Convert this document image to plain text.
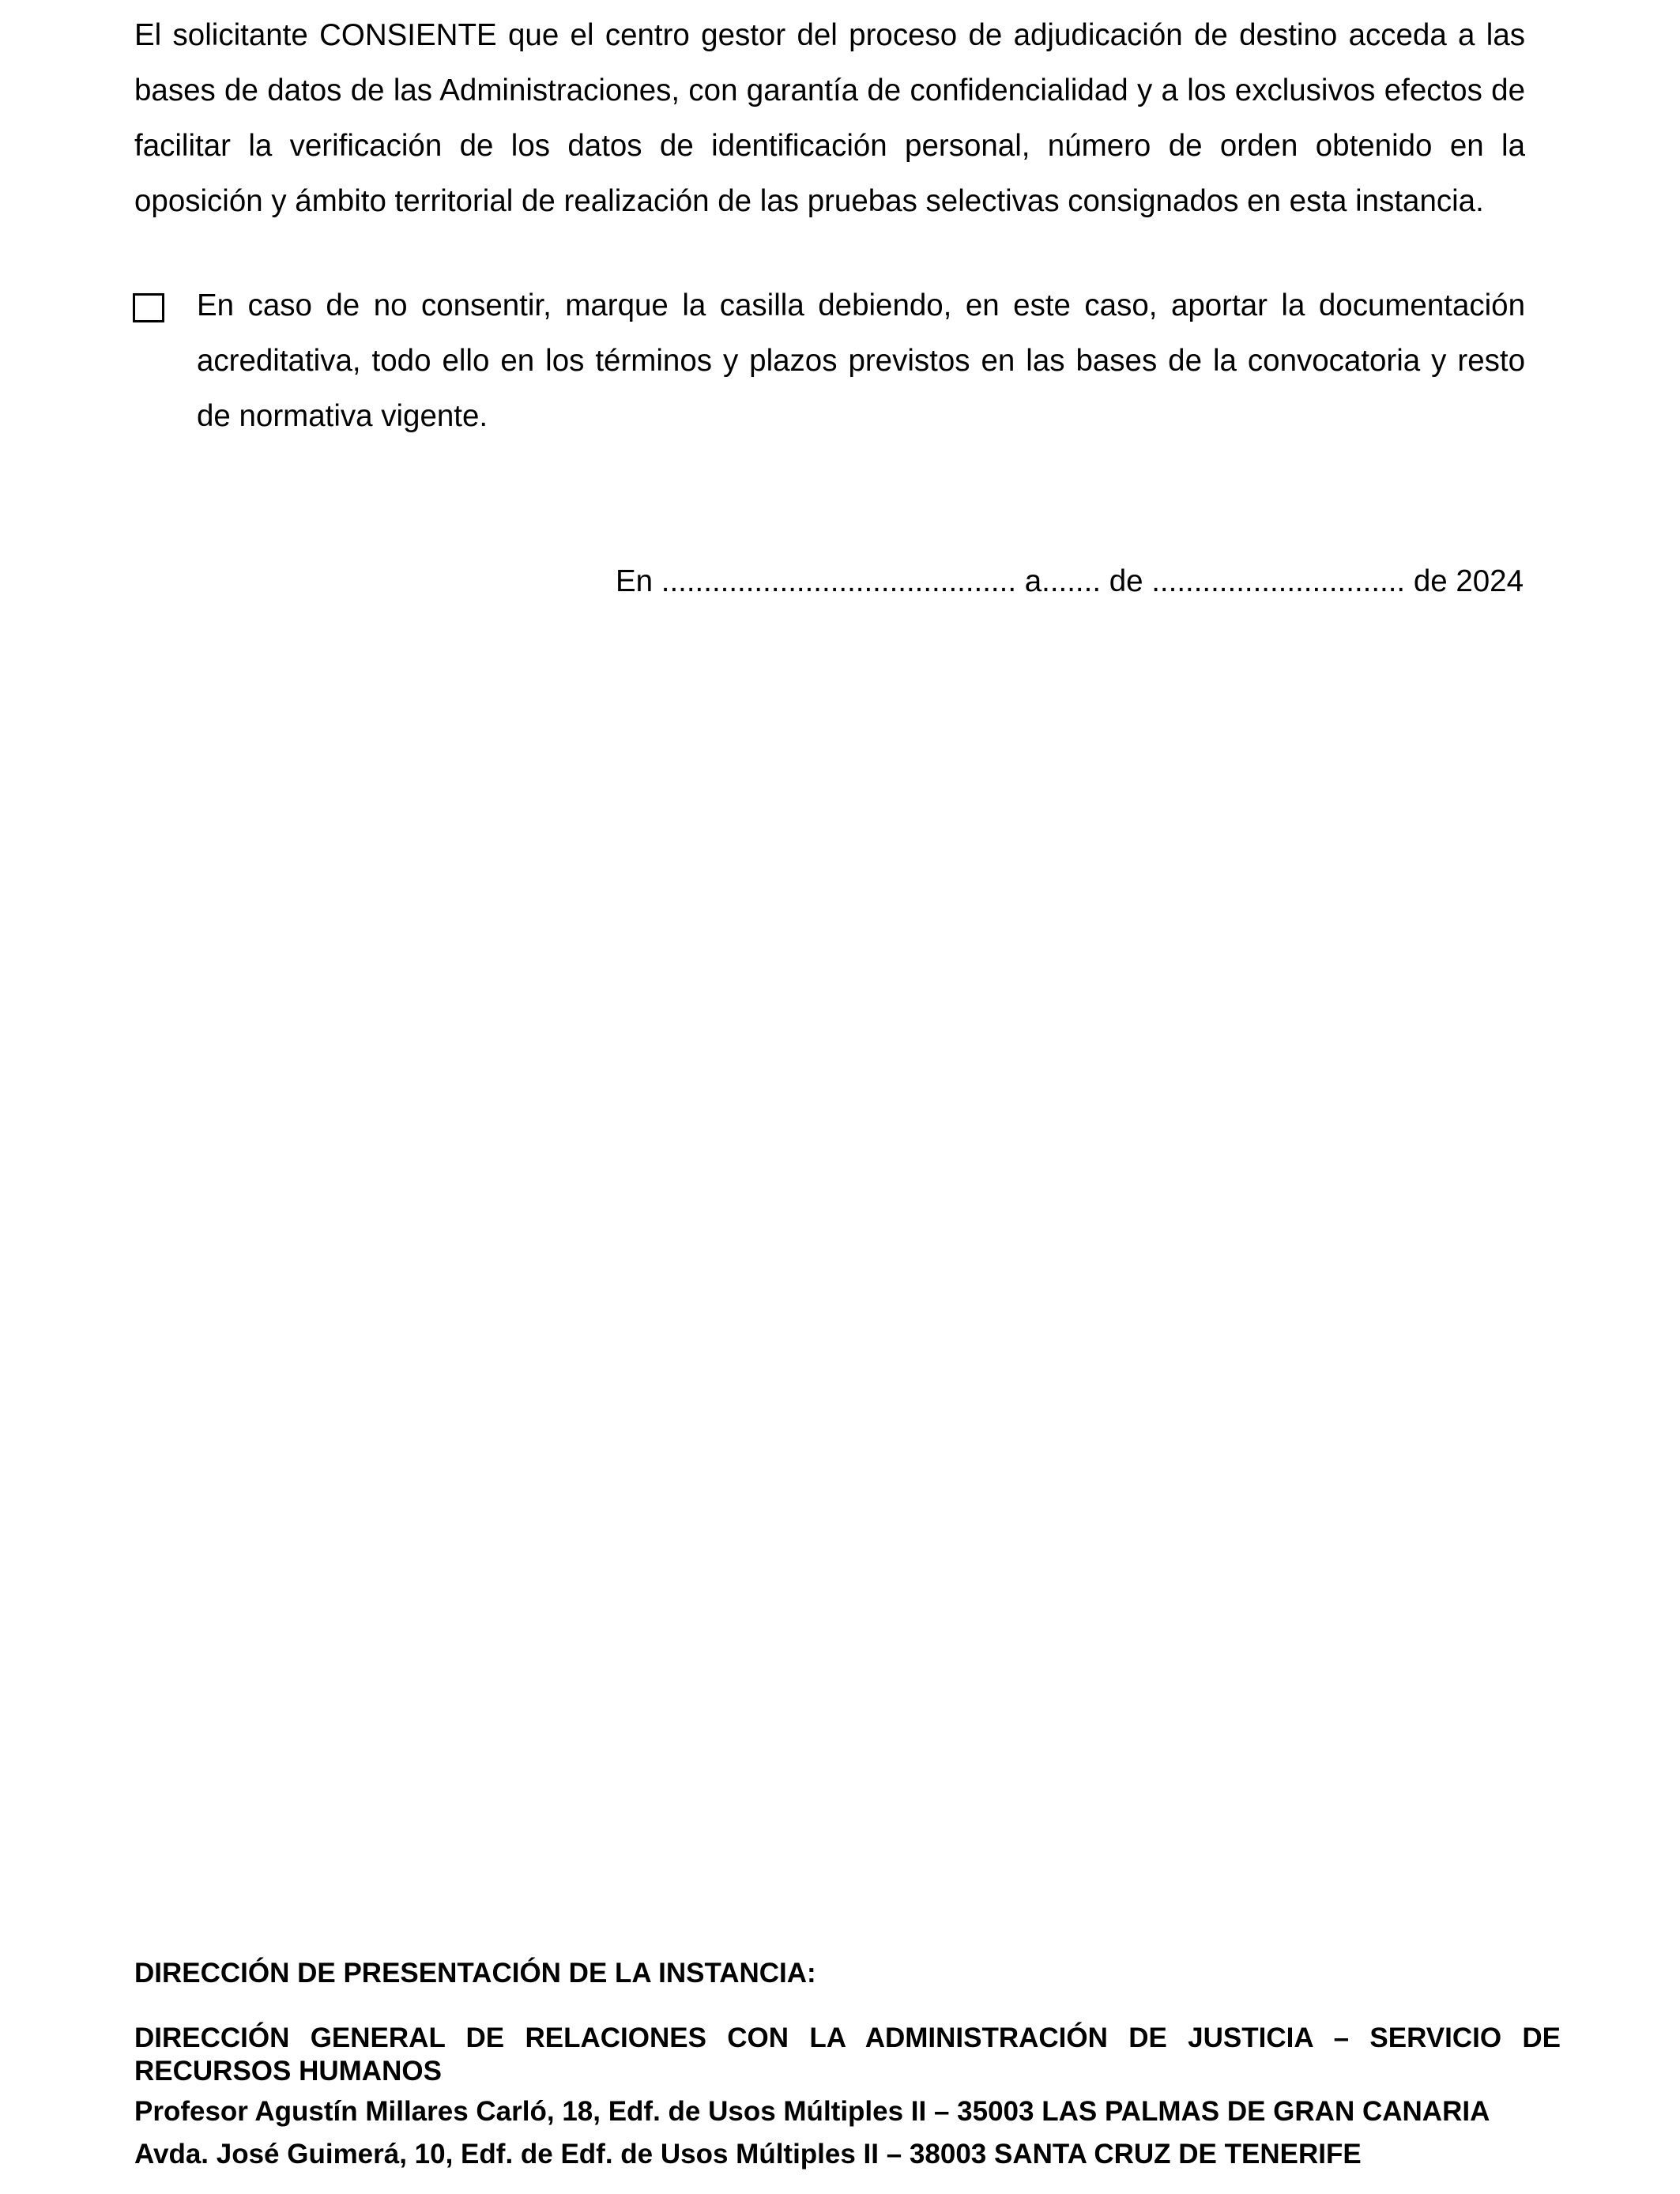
El solicitante CONSIENTE que el centro gestor del proceso de adjudicación de destino acceda a las bases de datos de las Administraciones, con garantía de confidencialidad y a los exclusivos efectos de facilitar la verificación de los datos de identificación personal, número de orden obtenido en la oposición y ámbito territorial de realización de las pruebas selectivas consignados en esta instancia.

En caso de no consentir, marque la casilla debiendo, en este caso, aportar la documentación acreditativa, todo ello en los términos y plazos previstos en las bases de la convocatoria y resto de normativa vigente.

En .......................................... a....... de .............................. de 2024

DIRECCIÓN DE PRESENTACIÓN DE LA INSTANCIA:

DIRECCIÓN GENERAL DE RELACIONES CON LA ADMINISTRACIÓN DE JUSTICIA – SERVICIO DE RECURSOS HUMANOS

Profesor Agustín Millares Carló, 18, Edf. de Usos Múltiples II – 35003 LAS PALMAS DE GRAN CANARIA

Avda. José Guimerá, 10, Edf. de Edf. de Usos Múltiples II – 38003 SANTA CRUZ DE TENERIFE
